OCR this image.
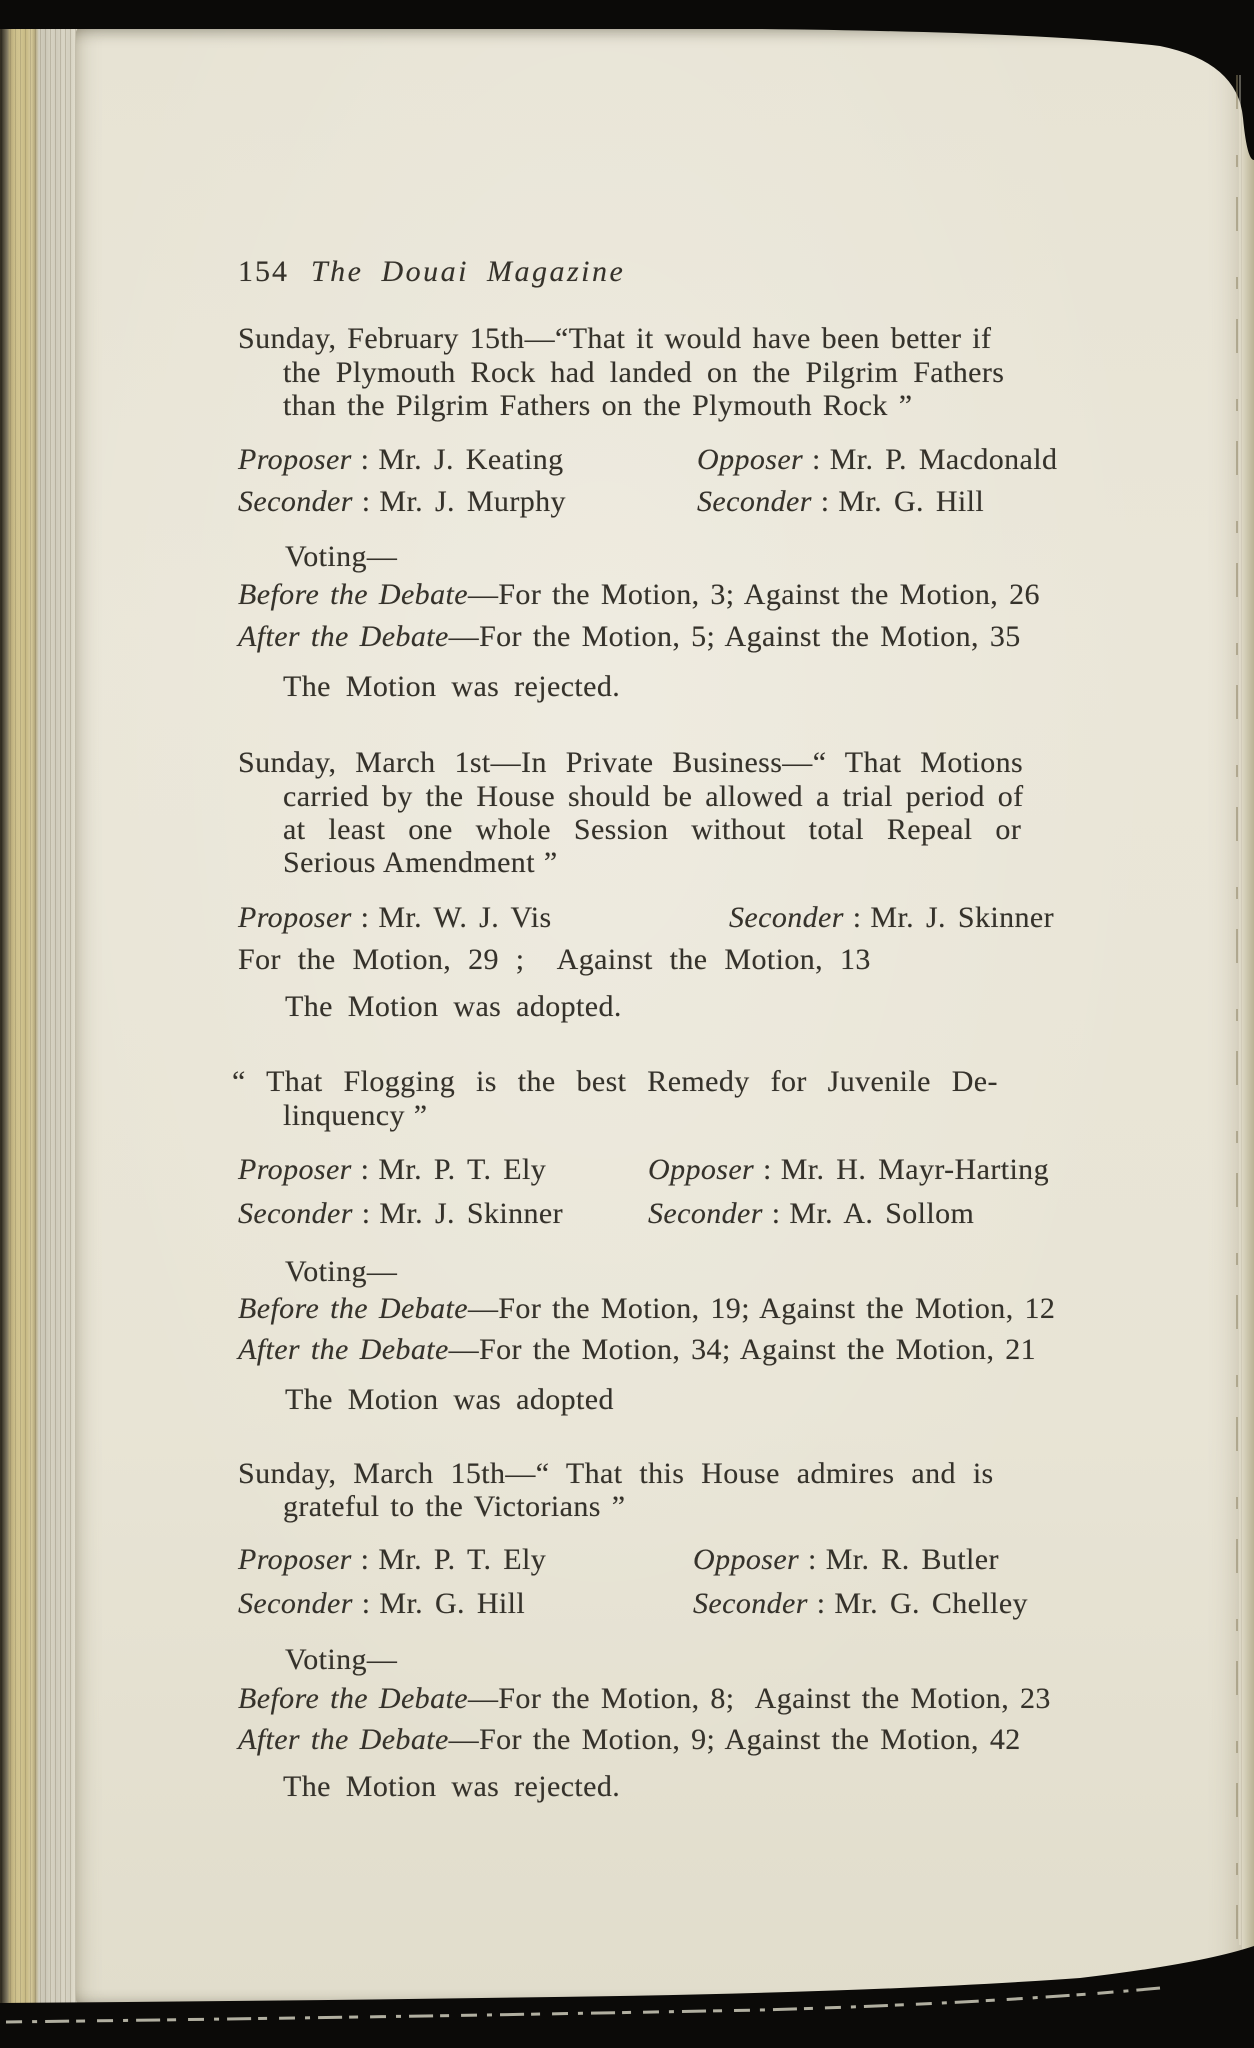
154 The Douai Magazine
Sunday, February 15th—“That it would have been better if
the Plymouth Rock had landed on the Pilgrim Fathers
than the Pilgrim Fathers on the Plymouth Rock ”
Proposer : Mr. J. Keating	Opposer : Mr. P. Macdonald
Seconder : Mr. J. Murphy	Seconder : Mr. G. Hill
Voting—
Before the Debate—For the Motion, 3; Against the Motion, 26
After the Debate—For the Motion, 5; Against the Motion, 35
The Motion was rejected.
Sunday, March 1st—In Private Business—“ That Motions
carried by the House should be allowed a trial period of
at least one whole Session without total Repeal or
Serious Amendment ”
Proposer : Mr. W. J. Vis	Seconder : Mr. J. Skinner
For the Motion, 29 ;  Against the Motion, 13
The Motion was adopted.
“ That Flogging is the best Remedy for Juvenile De-
linquency ”
Proposer : Mr. P. T. Ely	Opposer : Mr. H. Mayr-Harting
Seconder : Mr. J. Skinner	Seconder : Mr. A. Sollom
Voting—
Before the Debate—For the Motion, 19; Against the Motion, 12
After the Debate—For the Motion, 34; Against the Motion, 21
The Motion was adopted
Sunday, March 15th—“ That this House admires and is
grateful to the Victorians ”
Proposer : Mr. P. T. Ely	Opposer : Mr. R. Butler
Seconder : Mr. G. Hill	Seconder : Mr. G. Chelley
Voting—
Before the Debate—For the Motion, 8;  Against the Motion, 23
After the Debate—For the Motion, 9; Against the Motion, 42
The Motion was rejected.
